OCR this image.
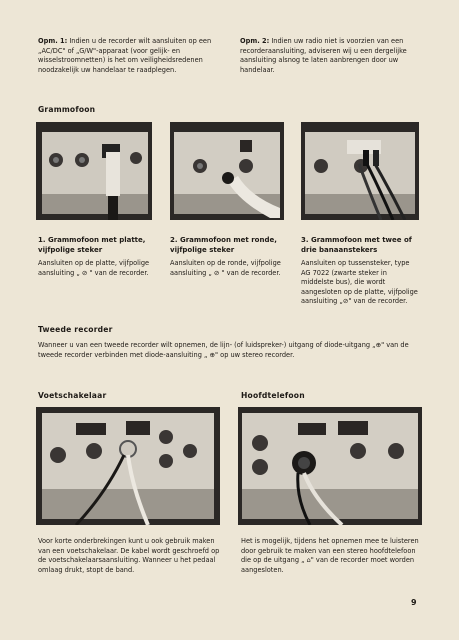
Opm. 1: Indien u de recorder wilt aansluiten op een „AC/DC" of „G/W"-apparaat (voor gelijk- en wisselstroomnetten) is het om veiligheidsredenen noodzakelijk uw handelaar te raadplegen.
Opm. 2: Indien uw radio niet is voorzien van een recorderaansluiting, adviseren wij u een dergelijke aansluiting alsnog te laten aanbrengen door uw handelaar.
Grammofoon
1. Grammofoon met platte, vijfpolige steker
Aansluiten op de platte, vijfpolige aansluiting „ ⊘ " van de recorder.
2. Grammofoon met ronde, vijfpolige steker
Aansluiten op de ronde, vijfpolige aansluiting „ ⊘ " van de recorder.
3. Grammofoon met twee of drie banaanstekers
Aansluiten op tussensteker, type AG 7022 (zwarte steker in middelste bus), die wordt aangesloten op de platte, vijfpolige aansluiting „⊘" van de recorder.
Tweede recorder
Wanneer u van een tweede recorder wilt opnemen, de lijn- (of luidspreker-) uitgang of diode-uitgang „⊕" van de tweede recorder verbinden met diode-aansluiting „ ⊕" op uw stereo recorder.
Voetschakelaar	Hoofdtelefoon
Voor korte onderbrekingen kunt u ook gebruik maken van een voetschakelaar. De kabel wordt geschroefd op de voetschakelaarsaansluiting. Wanneer u het pedaal omlaag drukt, stopt de band.
Het is mogelijk, tijdens het opnemen mee te luisteren door gebruik te maken van een stereo hoofdtelefoon die op de uitgang „ ⌂" van de recorder moet worden aangesloten.
9
